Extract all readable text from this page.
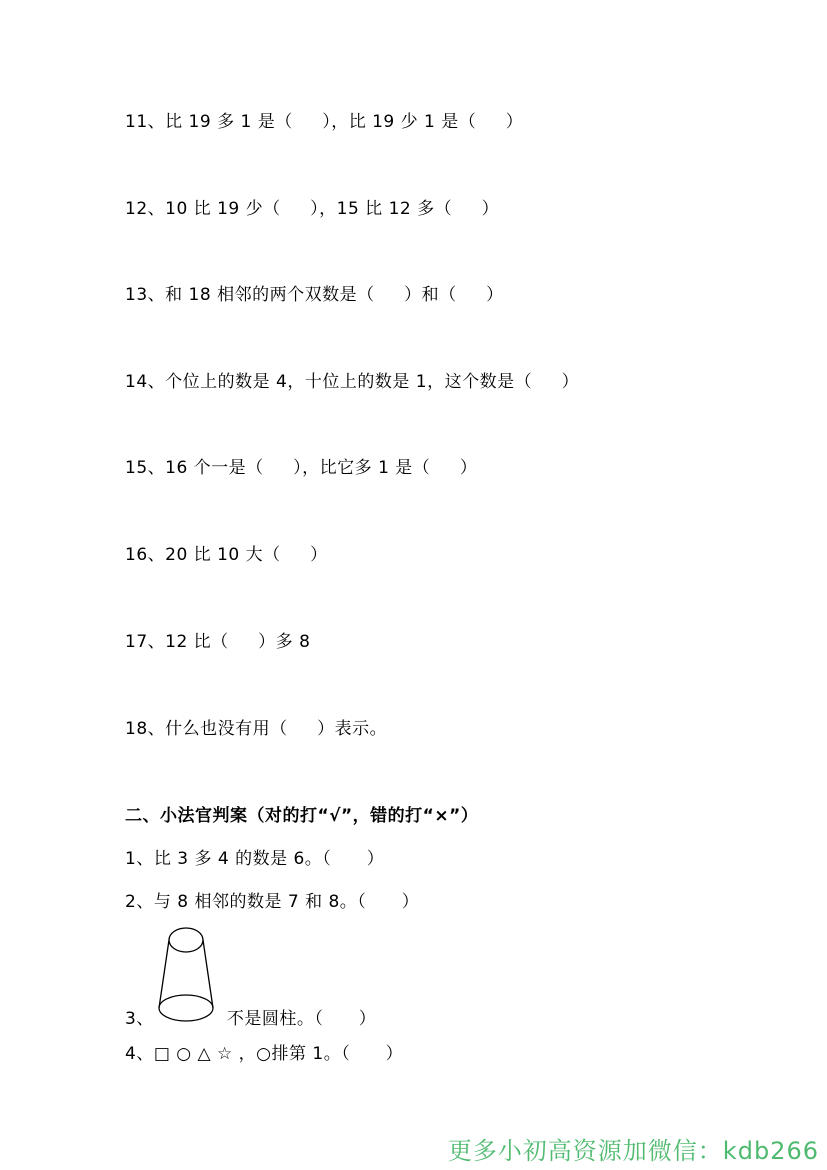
11、比 19 多 1 是（     ），比 19 少 1 是（     ）
12、10 比 19 少（     ），15 比 12 多（     ）
13、和 18 相邻的两个双数是（     ）和（     ）
14、个位上的数是 4，十位上的数是 1，这个数是（     ）
15、16 个一是（     ），比它多 1 是（     ）
16、20 比 10 大（     ）
17、12 比（     ）多 8
18、什么也没有用（     ）表示。
二、小法官判案（对的打“√”，错的打“×”）
1、比 3 多 4 的数是 6。（      ）
2、与 8 相邻的数是 7 和 8。（      ）
3、	不是圆柱。（      ）
4、□ ○ △ ☆ ，○排第 1。（      ）
更多小初高资源加微信：kdb266
